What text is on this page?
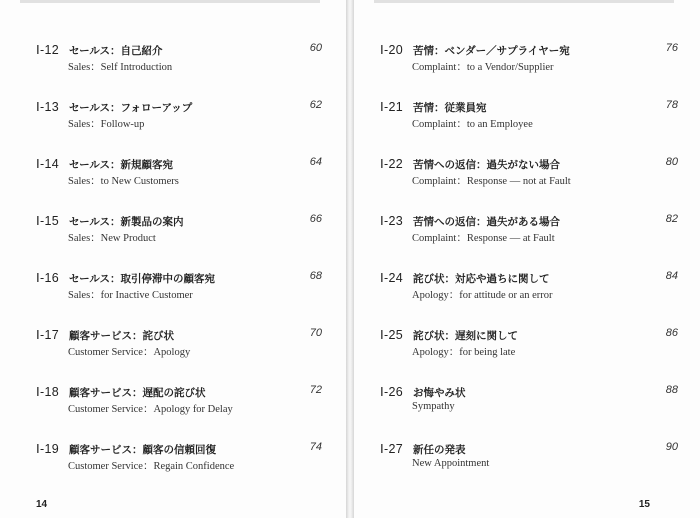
Ⅰ-12 セールス：自己紹介
Sales：Self Introduction
60
Ⅰ-13 セールス：フォローアップ
Sales：Follow-up
62
Ⅰ-14 セールス：新規顧客宛
Sales：to New Customers
64
Ⅰ-15 セールス：新製品の案内
Sales：New Product
66
Ⅰ-16 セールス：取引停滞中の顧客宛
Sales：for Inactive Customer
68
Ⅰ-17 顧客サービス：詫び状
Customer Service：Apology
70
Ⅰ-18 顧客サービス：遅配の詫び状
Customer Service：Apology for Delay
72
Ⅰ-19 顧客サービス：顧客の信頼回復
Customer Service：Regain Confidence
74
14
Ⅰ-20 苦情：ベンダー／サプライヤー宛
Complaint：to a Vendor/Supplier
76
Ⅰ-21 苦情：従業員宛
Complaint：to an Employee
78
Ⅰ-22 苦情への返信：過失がない場合
Complaint：Response — not at Fault
80
Ⅰ-23 苦情への返信：過失がある場合
Complaint：Response — at Fault
82
Ⅰ-24 詫び状：対応や過ちに関して
Apology：for attitude or an error
84
Ⅰ-25 詫び状：遅刻に関して
Apology：for being late
86
Ⅰ-26 お悔やみ状
Sympathy
88
Ⅰ-27 新任の発表
New Appointment
90
15
